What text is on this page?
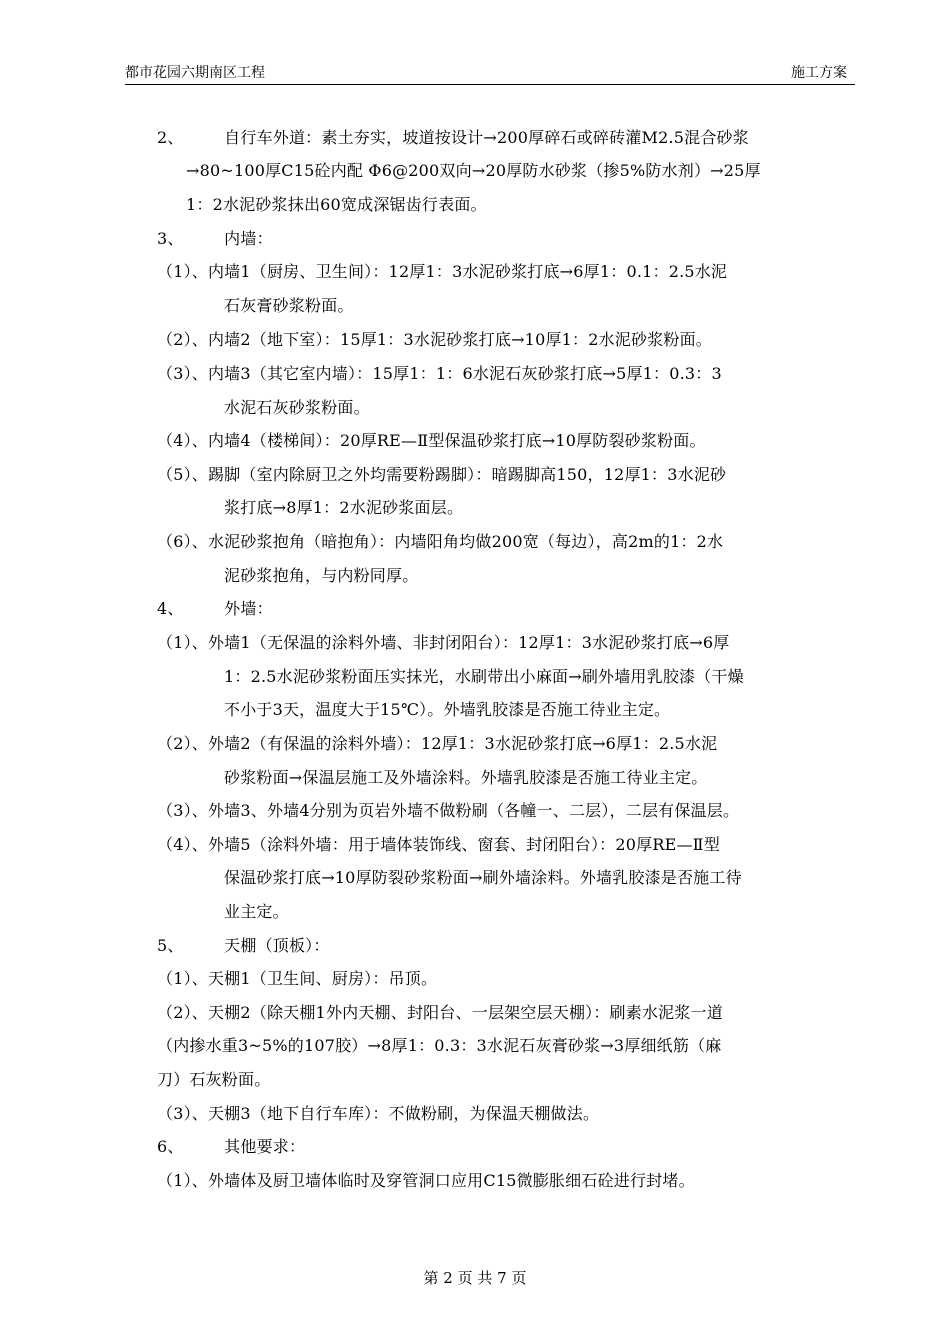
都市花园六期南区工程	施工方案
2、　　　自行车外道：素土夯实，坡道按设计→200厚碎石或碎砖灌M2.5混合砂浆
→80~100厚C15砼内配 Φ6@200双向→20厚防水砂浆（掺5%防水剂）→25厚
1：2水泥砂浆抹出60宽成深锯齿行表面。
3、　　　内墙：
（1）、内墙1（厨房、卫生间）：12厚1：3水泥砂浆打底→6厚1：0.1：2.5水泥
石灰膏砂浆粉面。
（2）、内墙2（地下室）：15厚1：3水泥砂浆打底→10厚1：2水泥砂浆粉面。
（3）、内墙3（其它室内墙）：15厚1：1：6水泥石灰砂浆打底→5厚1：0.3：3
水泥石灰砂浆粉面。
（4）、内墙4（楼梯间）：20厚RE—Ⅱ型保温砂浆打底→10厚防裂砂浆粉面。
（5）、踢脚（室内除厨卫之外均需要粉踢脚）：暗踢脚高150，12厚1：3水泥砂
浆打底→8厚1：2水泥砂浆面层。
（6）、水泥砂浆抱角（暗抱角）：内墙阳角均做200宽（每边），高2m的1：2水
泥砂浆抱角，与内粉同厚。
4、　　　外墙：
（1）、外墙1（无保温的涂料外墙、非封闭阳台）：12厚1：3水泥砂浆打底→6厚
1：2.5水泥砂浆粉面压实抹光，水刷带出小麻面→刷外墙用乳胶漆（干燥
不小于3天，温度大于15℃）。外墙乳胶漆是否施工待业主定。
（2）、外墙2（有保温的涂料外墙）：12厚1：3水泥砂浆打底→6厚1：2.5水泥
砂浆粉面→保温层施工及外墙涂料。外墙乳胶漆是否施工待业主定。
（3）、外墙3、外墙4分别为页岩外墙不做粉刷（各幢一、二层），二层有保温层。
（4）、外墙5（涂料外墙：用于墙体装饰线、窗套、封闭阳台）：20厚RE—Ⅱ型
保温砂浆打底→10厚防裂砂浆粉面→刷外墙涂料。外墙乳胶漆是否施工待
业主定。
5、　　　天棚（顶板）：
（1）、天棚1（卫生间、厨房）：吊顶。
（2）、天棚2（除天棚1外内天棚、封阳台、一层架空层天棚）：刷素水泥浆一道
（内掺水重3~5%的107胶）→8厚1：0.3：3水泥石灰膏砂浆→3厚细纸筋（麻
刀）石灰粉面。
（3）、天棚3（地下自行车库）：不做粉刷，为保温天棚做法。
6、　　　其他要求：
（1）、外墙体及厨卫墙体临时及穿管洞口应用C15微膨胀细石砼进行封堵。
第 2 页 共 7 页
